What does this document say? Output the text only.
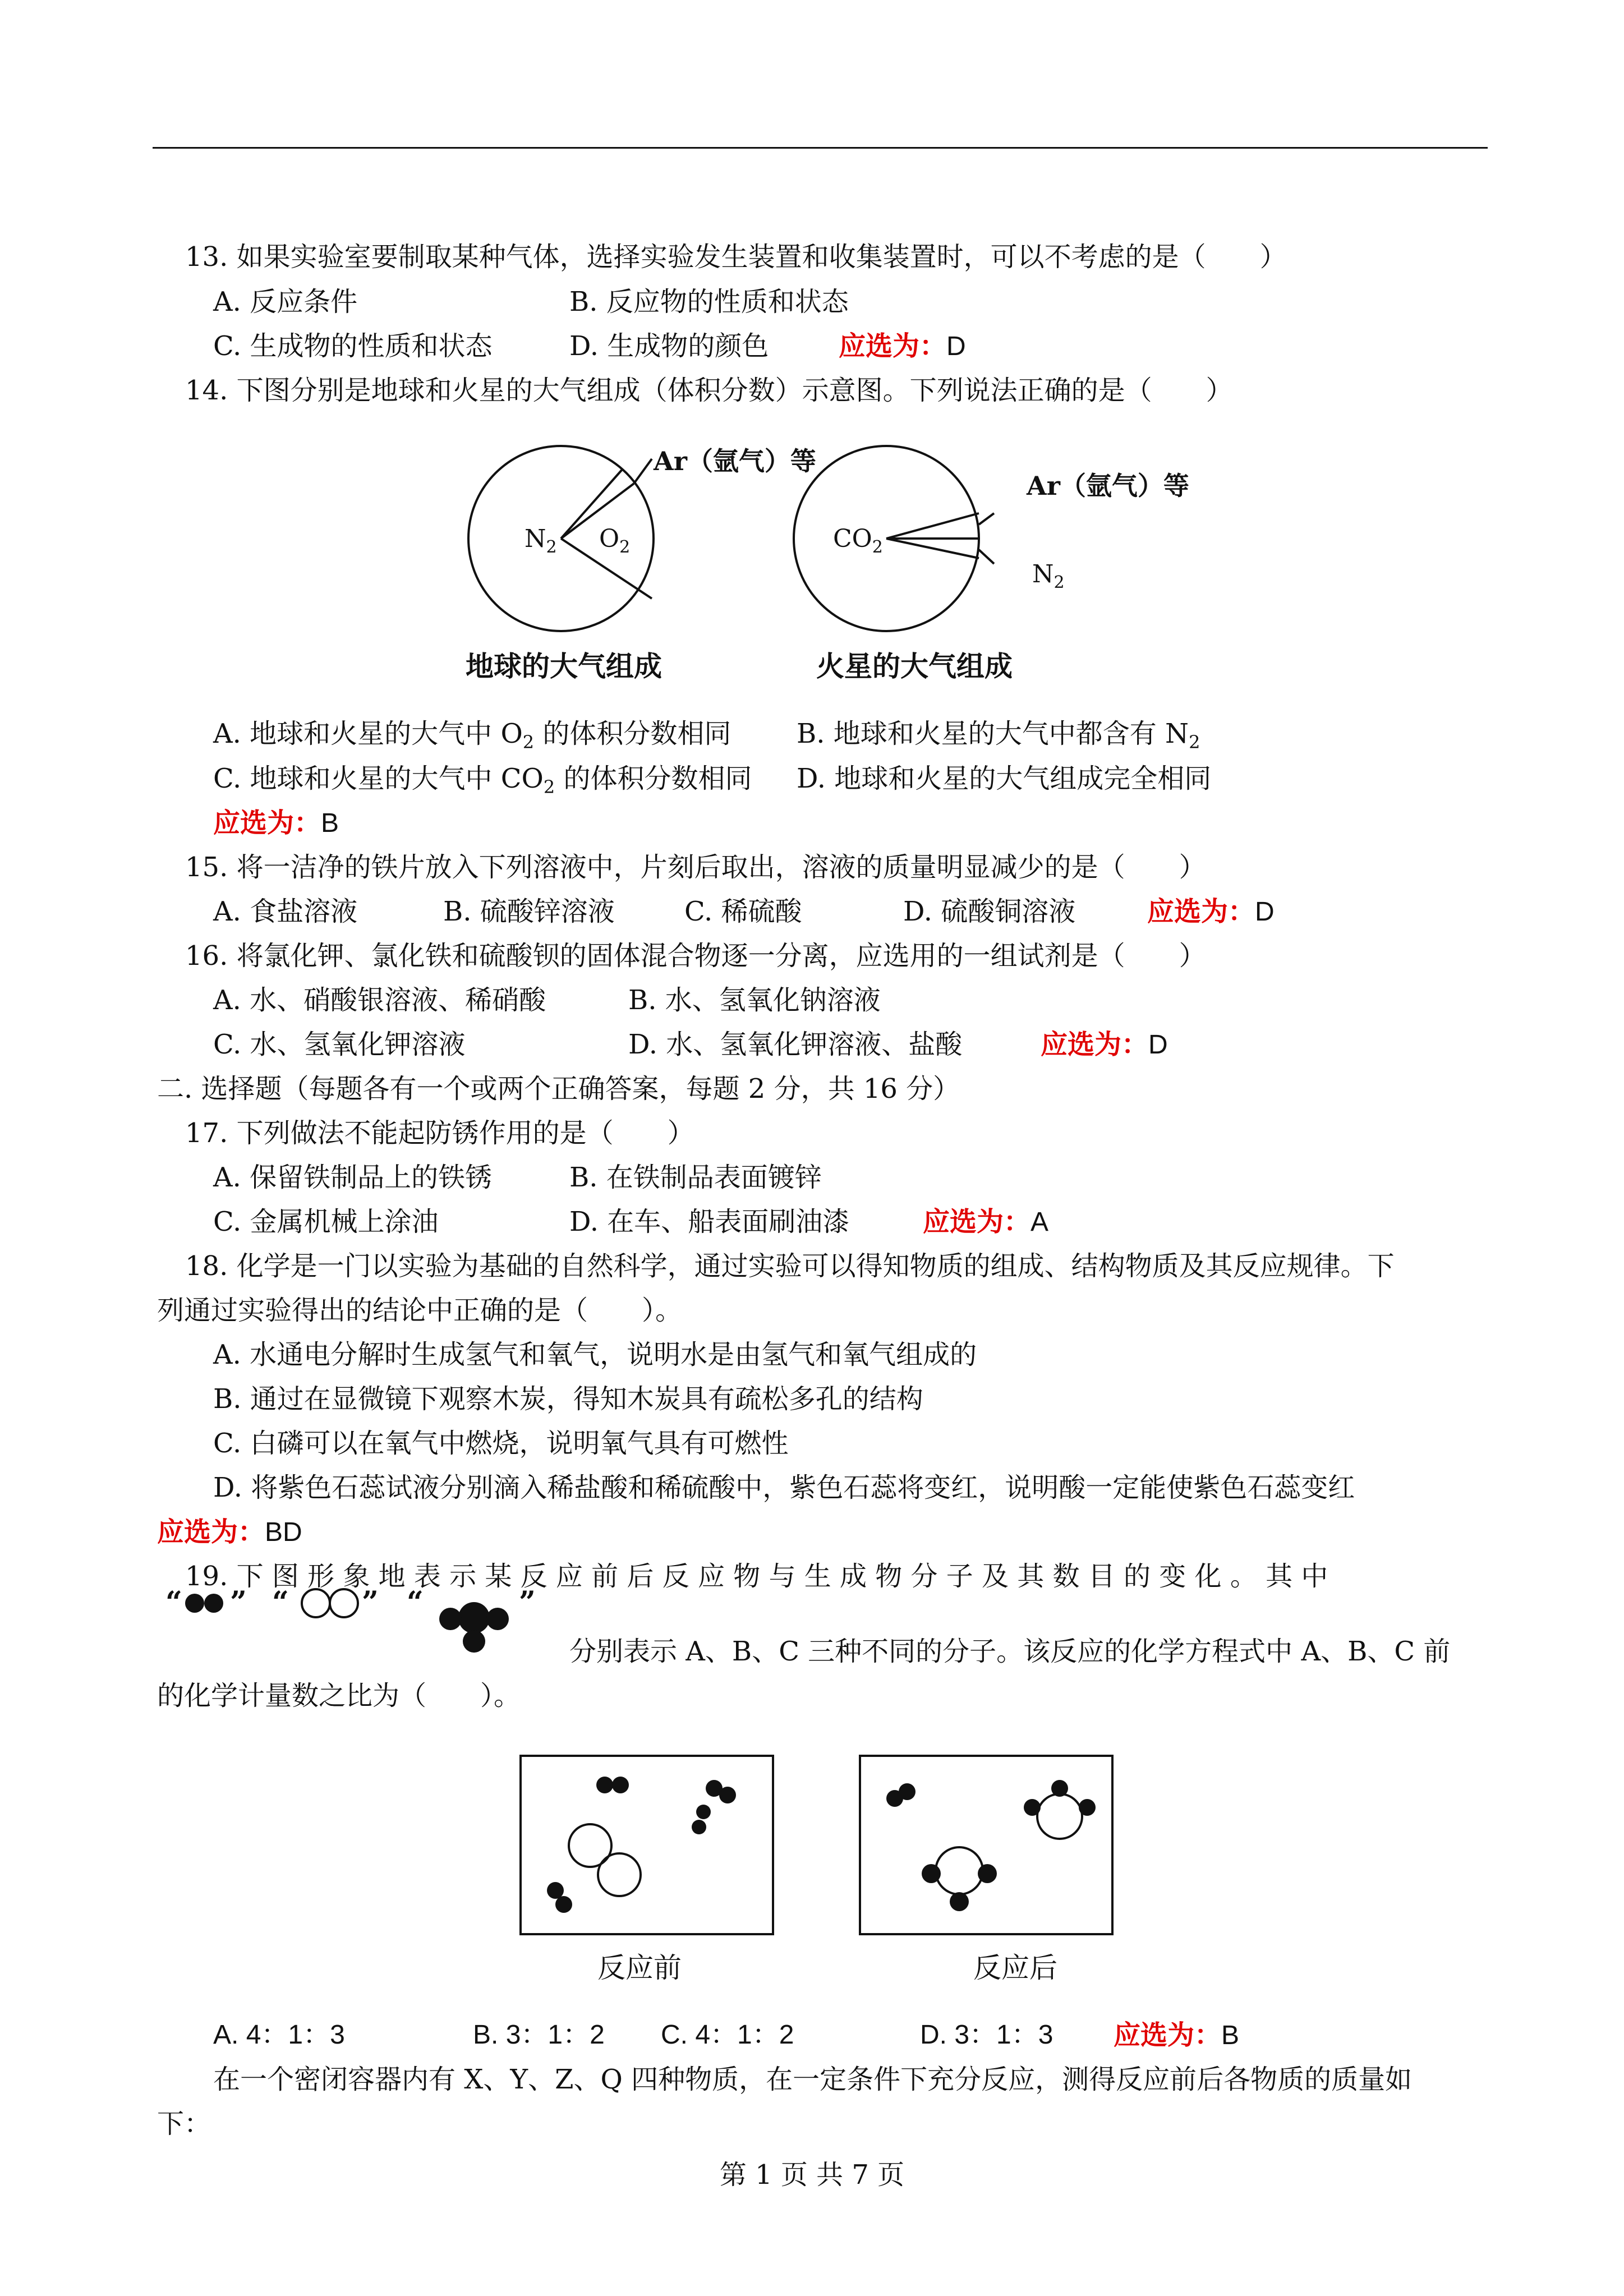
13. 如果实验室要制取某种气体，选择实验发生装置和收集装置时，可以不考虑的是（　　）
A. 反应条件	B. 反应物的性质和状态
C. 生成物的性质和状态	D. 生成物的颜色	应选为：D
14. 下图分别是地球和火星的大气组成（体积分数）示意图。下列说法正确的是（　　）
$N_2$ $O_2$
Ar（氩气）等
$CO_2$
Ar（氩气）等
$N_2$
地球的大气组成	火星的大气组成
A. 地球和火星的大气中 $O_2$ 的体积分数相同 B. 地球和火星的大气中都含有 $N_2$
C. 地球和火星的大气中 $CO_2$ 的体积分数相同 D. 地球和火星的大气组成完全相同
应选为：B
15. 将一洁净的铁片放入下列溶液中，片刻后取出，溶液的质量明显减少的是（　　）
A. 食盐溶液	B. 硫酸锌溶液	C. 稀硫酸	D. 硫酸铜溶液	应选为：D
16. 将氯化钾、氯化铁和硫酸钡的固体混合物逐一分离，应选用的一组试剂是（　　）
A. 水、硝酸银溶液、稀硝酸	B. 水、氢氧化钠溶液
C. 水、氢氧化钾溶液	D. 水、氢氧化钾溶液、盐酸	应选为：D
二. 选择题（每题各有一个或两个正确答案，每题 2 分，共 16 分）
17. 下列做法不能起防锈作用的是（　　）
A. 保留铁制品上的铁锈	B. 在铁制品表面镀锌
C. 金属机械上涂油	D. 在车、船表面刷油漆	应选为：A
18. 化学是一门以实验为基础的自然科学，通过实验可以得知物质的组成、结构物质及其反应规律。下
列通过实验得出的结论中正确的是（　　）。
A. 水通电分解时生成氢气和氧气，说明水是由氢气和氧气组成的
B. 通过在显微镜下观察木炭，得知木炭具有疏松多孔的结构
C. 白磷可以在氧气中燃烧，说明氧气具有可燃性
D. 将紫色石蕊试液分别滴入稀盐酸和稀硫酸中，紫色石蕊将变红，说明酸一定能使紫色石蕊变红
应选为：BD
19. 下 图 形 象 地 表 示 某 反 应 前 后 反 应 物 与 生 成 物 分 子 及 其 数 目 的 变 化 。 其 中
“ ” “	” “	”
分别表示 A、B、C 三种不同的分子。该反应的化学方程式中 A、B、C 前
的化学计量数之比为（　　）。
反应前	反应后
A. 4：1：3	B. 3：1：2 C. 4：1：2	D. 3：1：3 应选为：B
在一个密闭容器内有 X、Y、Z、Q 四种物质，在一定条件下充分反应，测得反应前后各物质的质量如
下：
第 1 页 共 7 页
